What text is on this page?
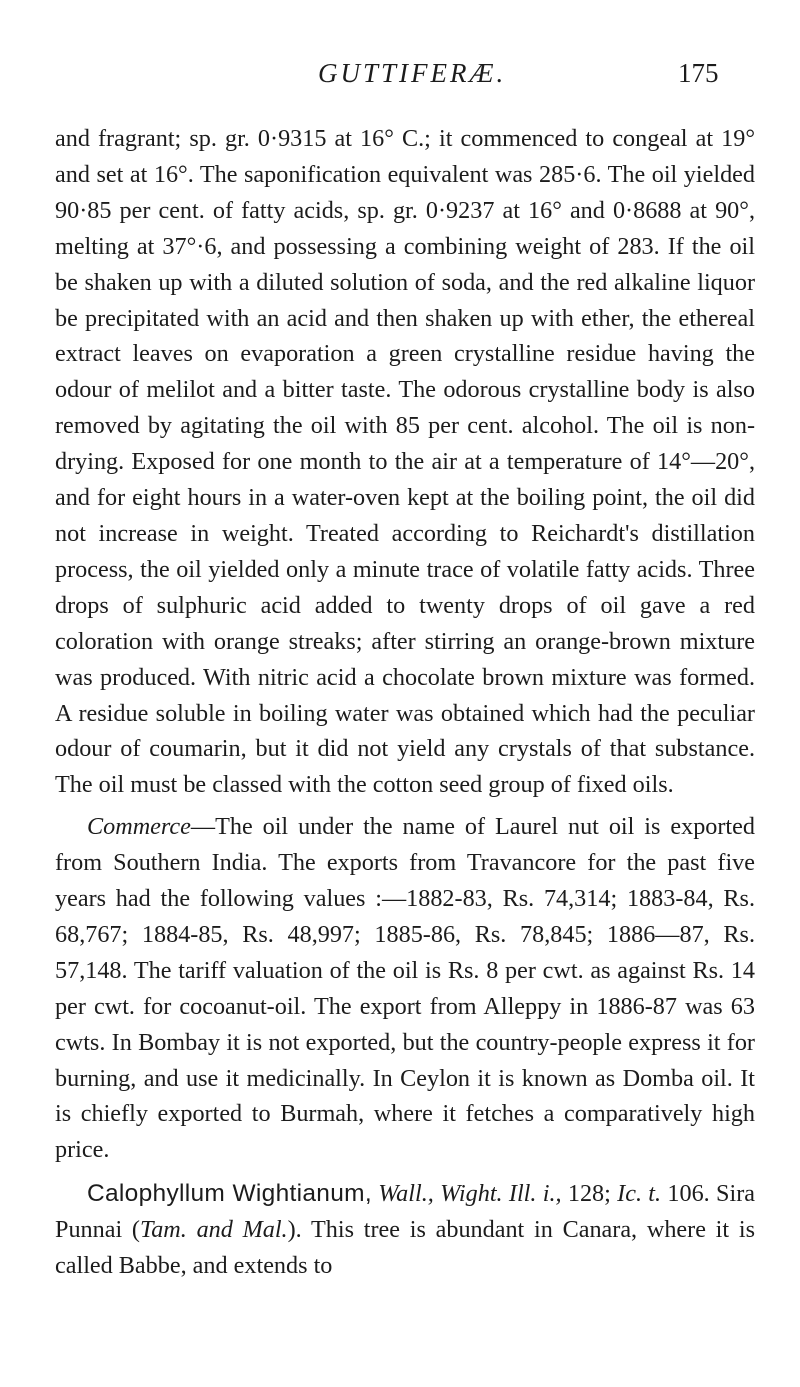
GUTTIFERÆ.	175

and fragrant; sp. gr. 0·9315 at 16° C.; it commenced to congeal at 19° and set at 16°. The saponification equivalent was 285·6. The oil yielded 90·85 per cent. of fatty acids, sp. gr. 0·9237 at 16° and 0·8688 at 90°, melting at 37°·6, and possessing a combining weight of 283. If the oil be shaken up with a diluted solution of soda, and the red alkaline liquor be precipitated with an acid and then shaken up with ether, the ethereal extract leaves on evaporation a green crystalline residue having the odour of melilot and a bitter taste. The odorous crystalline body is also removed by agitating the oil with 85 per cent. alcohol. The oil is non-drying. Exposed for one month to the air at a temperature of 14°—20°, and for eight hours in a water-oven kept at the boiling point, the oil did not increase in weight. Treated according to Reichardt's distillation process, the oil yielded only a minute trace of volatile fatty acids. Three drops of sulphuric acid added to twenty drops of oil gave a red coloration with orange streaks; after stirring an orange-brown mixture was produced. With nitric acid a chocolate brown mixture was formed. A residue soluble in boiling water was obtained which had the peculiar odour of coumarin, but it did not yield any crystals of that substance. The oil must be classed with the cotton seed group of fixed oils.

Commerce—The oil under the name of Laurel nut oil is exported from Southern India. The exports from Travancore for the past five years had the following values :—1882-83, Rs. 74,314; 1883-84, Rs. 68,767; 1884-85, Rs. 48,997; 1885-86, Rs. 78,845; 1886—87, Rs. 57,148. The tariff valuation of the oil is Rs. 8 per cwt. as against Rs. 14 per cwt. for cocoanut-oil. The export from Alleppy in 1886-87 was 63 cwts. In Bombay it is not exported, but the country-people express it for burning, and use it medicinally. In Ceylon it is known as Domba oil. It is chiefly exported to Burmah, where it fetches a comparatively high price.

Calophyllum Wightianum, Wall., Wight. Ill. i., 128; Ic. t. 106. Sira Punnai (Tam. and Mal.). This tree is abundant in Canara, where it is called Babbe, and extends to
